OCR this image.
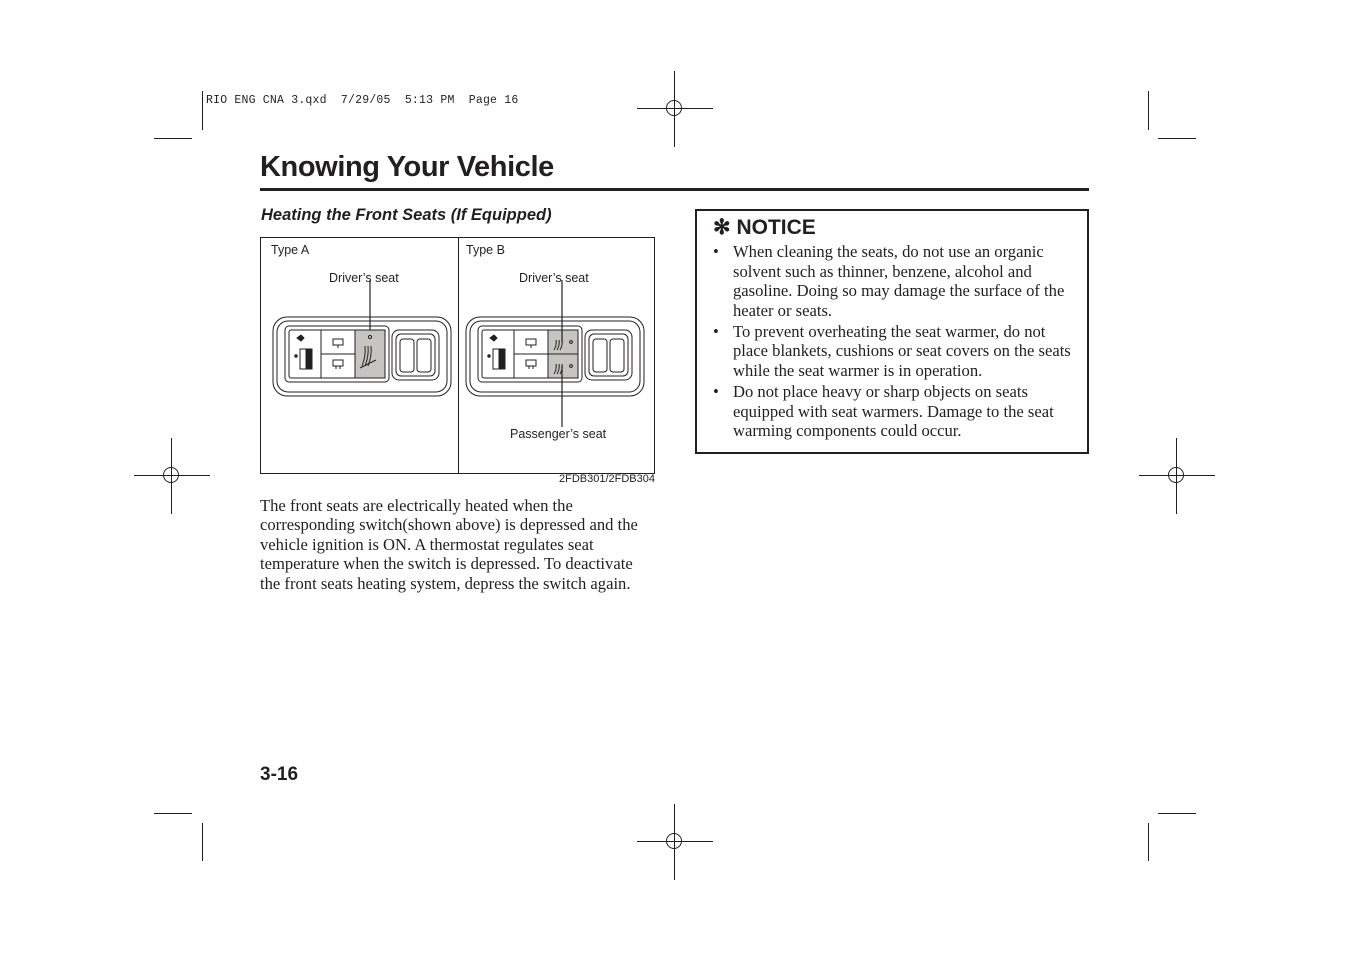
RIO ENG CNA 3.qxd  7/29/05  5:13 PM  Page 16
Knowing Your Vehicle
Heating the Front Seats (If Equipped)
Type A	Type B
Driver’s seat	Driver’s seat
Passenger’s seat
2FDB301/2FDB304
The front seats are electrically heated when the corresponding switch(shown above) is depressed and the vehicle ignition is ON. A thermostat regulates seat temperature when the switch is depressed. To deactivate the front seats heating system, depress the switch again.
✻ NOTICE
• When cleaning the seats, do not use an organic solvent such as thinner, benzene, alcohol and gasoline. Doing so may damage the surface of the heater or seats.
• To prevent overheating the seat warmer, do not place blankets, cushions or seat covers on the seats while the seat warmer is in operation.
• Do not place heavy or sharp objects on seats equipped with seat warmers. Damage to the seat warming components could occur.
3-16
